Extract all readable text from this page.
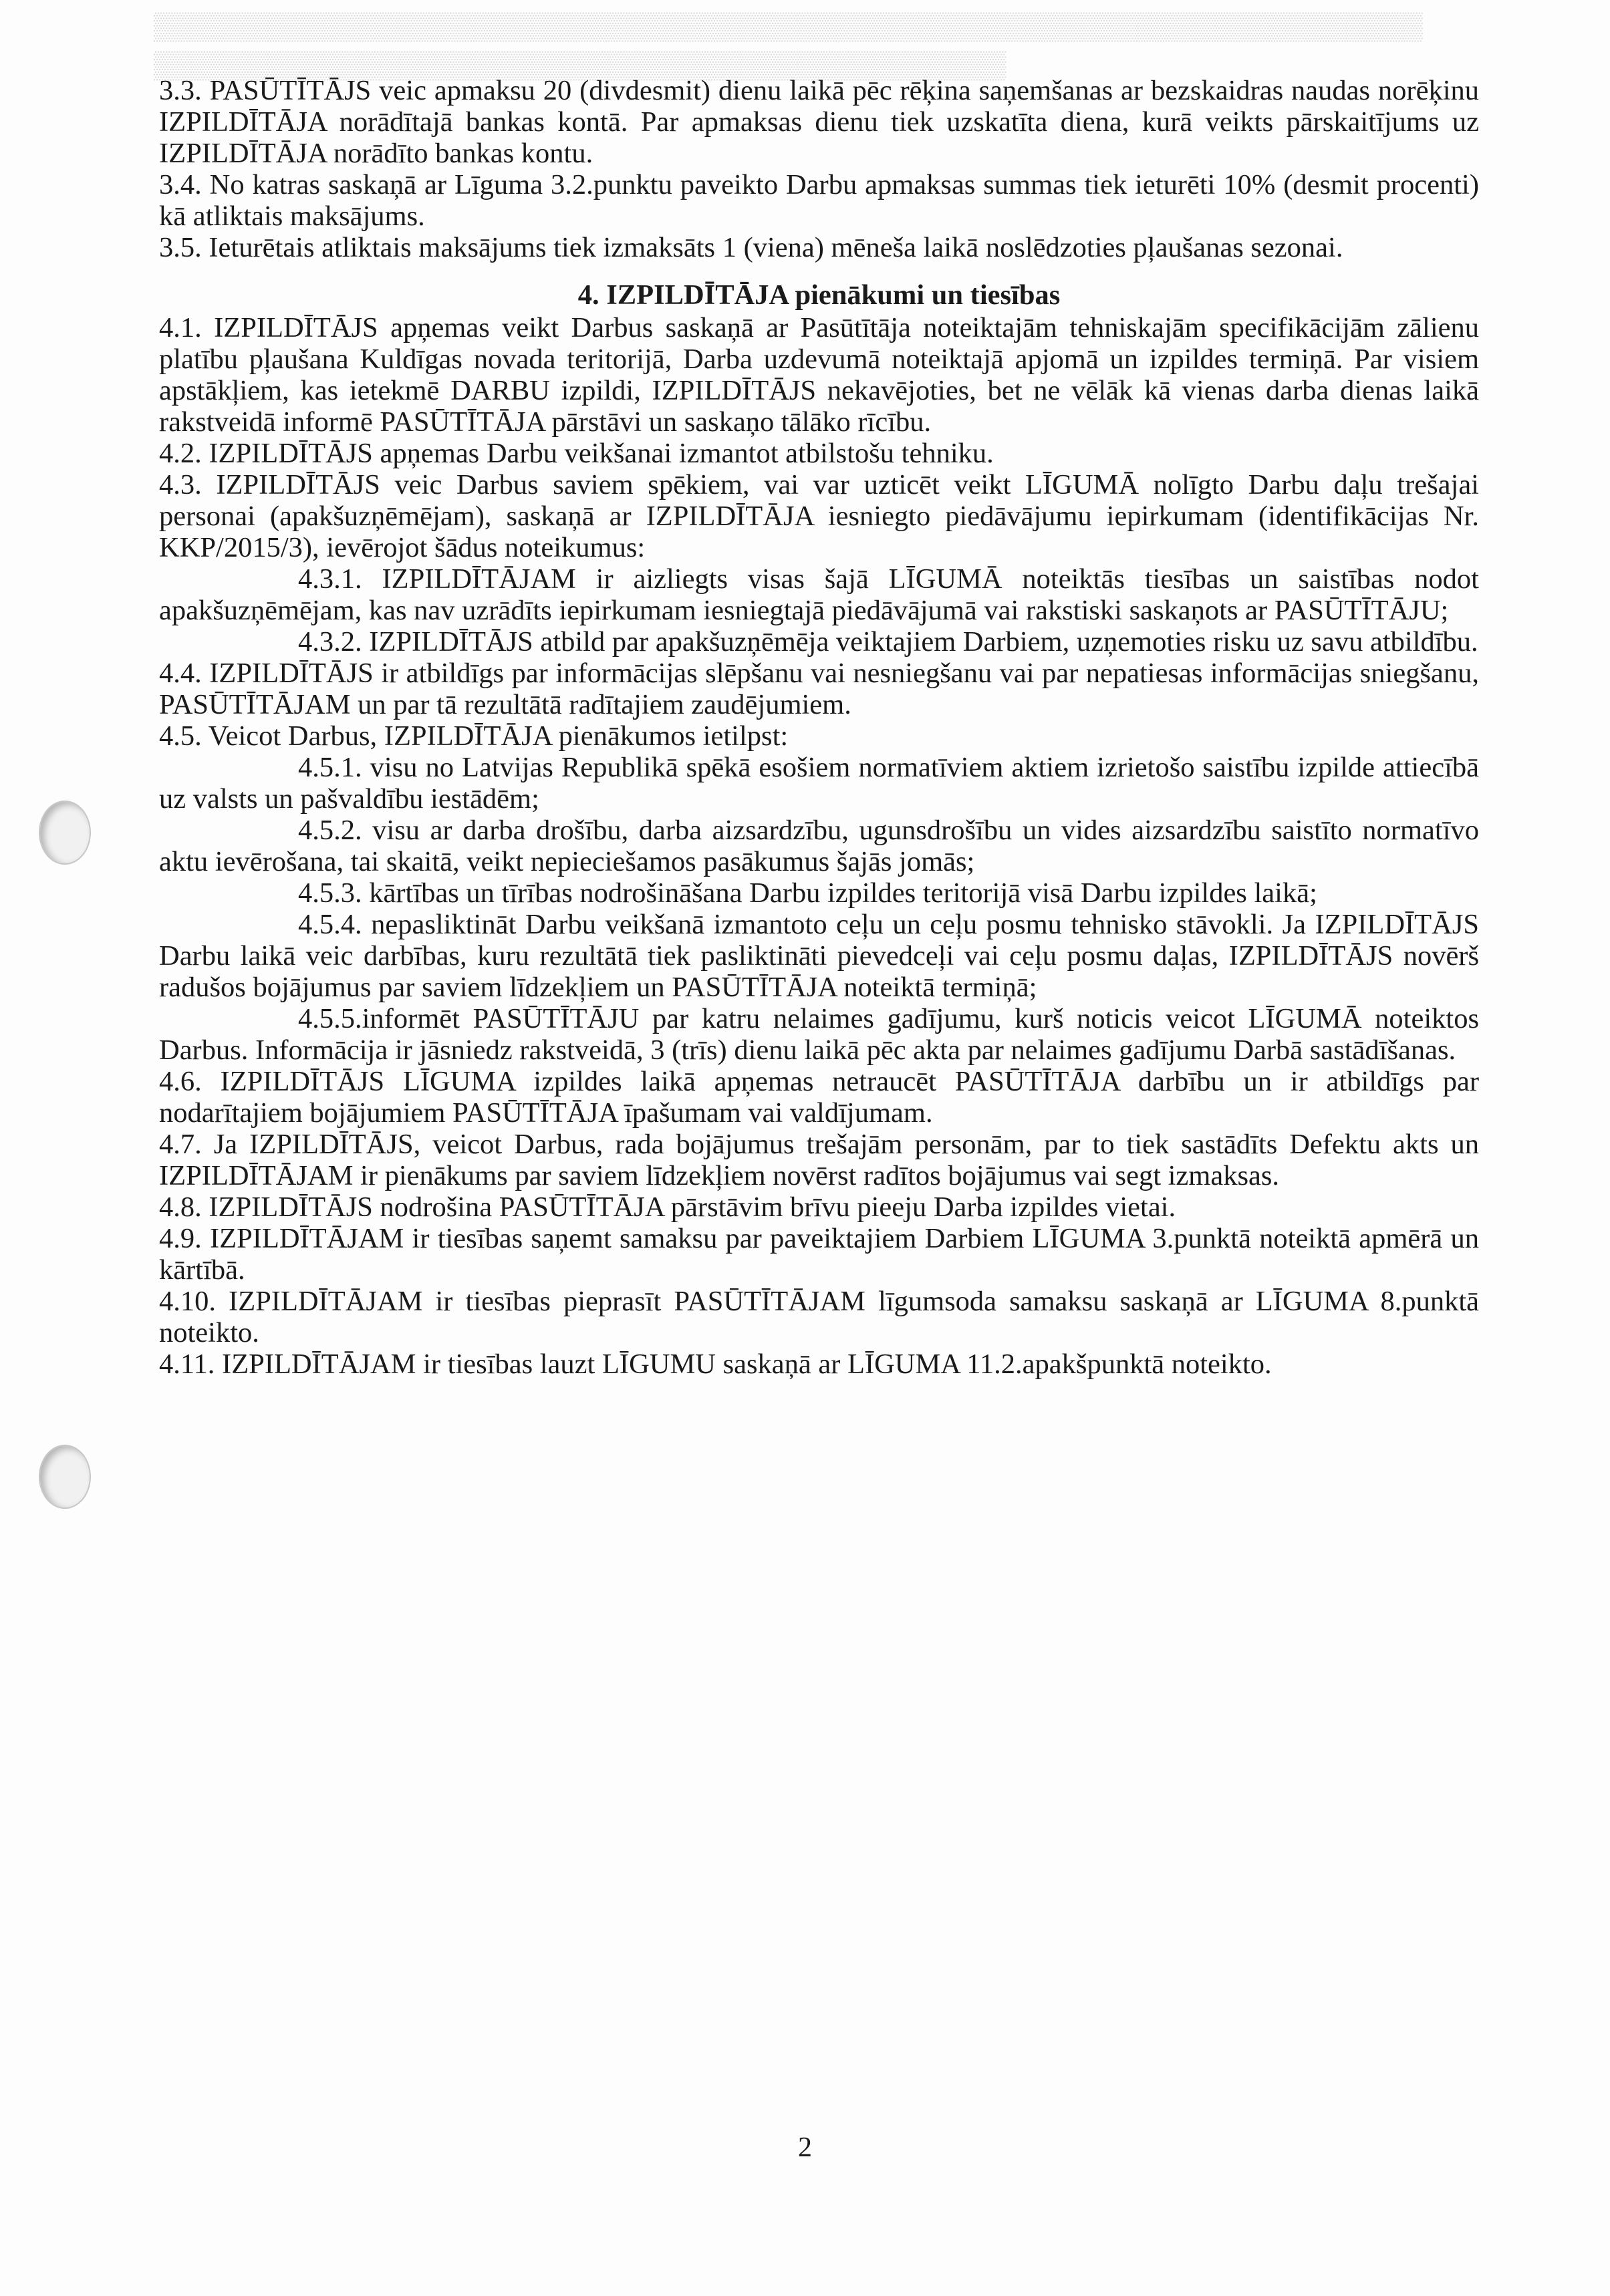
▒▒▒▒▒▒▒▒▒▒▒▒▒▒▒▒▒▒▒▒▒▒▒▒▒▒▒▒▒▒▒▒▒▒▒▒▒▒▒▒▒▒▒▒▒▒▒▒▒▒▒▒▒▒▒▒▒▒▒▒▒▒▒▒▒▒▒
▒▒▒▒▒▒▒▒▒▒▒▒▒▒▒▒▒▒▒▒▒▒▒▒▒▒▒▒▒▒▒▒▒▒▒▒▒▒▒▒▒▒▒▒▒

3.3. PASŪTĪTĀJS veic apmaksu 20 (divdesmit) dienu laikā pēc rēķina saņemšanas ar bezskaidras naudas norēķinu IZPILDĪTĀJA norādītajā bankas kontā. Par apmaksas dienu tiek uzskatīta diena, kurā veikts pārskaitījums uz IZPILDĪTĀJA norādīto bankas kontu.

3.4. No katras saskaņā ar Līguma 3.2.punktu paveikto Darbu apmaksas summas tiek ieturēti 10% (desmit procenti) kā atliktais maksājums.

3.5. Ieturētais atliktais maksājums tiek izmaksāts 1 (viena) mēneša laikā noslēdzoties pļaušanas sezonai.

4. IZPILDĪTĀJA pienākumi un tiesības

4.1. IZPILDĪTĀJS apņemas veikt Darbus saskaņā ar Pasūtītāja noteiktajām tehniskajām specifikācijām zālienu platību pļaušana Kuldīgas novada teritorijā, Darba uzdevumā noteiktajā apjomā un izpildes termiņā. Par visiem apstākļiem, kas ietekmē DARBU izpildi, IZPILDĪTĀJS nekavējoties, bet ne vēlāk kā vienas darba dienas laikā rakstveidā informē PASŪTĪTĀJA pārstāvi un saskaņo tālāko rīcību.

4.2. IZPILDĪTĀJS apņemas Darbu veikšanai izmantot atbilstošu tehniku.

4.3. IZPILDĪTĀJS veic Darbus saviem spēkiem, vai var uzticēt veikt LĪGUMĀ nolīgto Darbu daļu trešajai personai (apakšuzņēmējam), saskaņā ar IZPILDĪTĀJA iesniegto piedāvājumu iepirkumam (identifikācijas Nr. KKP/2015/3), ievērojot šādus noteikumus:

4.3.1. IZPILDĪTĀJAM ir aizliegts visas šajā LĪGUMĀ noteiktās tiesības un saistības nodot apakšuzņēmējam, kas nav uzrādīts iepirkumam iesniegtajā piedāvājumā vai rakstiski saskaņots ar PASŪTĪTĀJU;

4.3.2. IZPILDĪTĀJS atbild par apakšuzņēmēja veiktajiem Darbiem, uzņemoties risku uz savu atbildību.

4.4. IZPILDĪTĀJS ir atbildīgs par informācijas slēpšanu vai nesniegšanu vai par nepatiesas informācijas sniegšanu, PASŪTĪTĀJAM un par tā rezultātā radītajiem zaudējumiem.

4.5. Veicot Darbus, IZPILDĪTĀJA pienākumos ietilpst:

4.5.1. visu no Latvijas Republikā spēkā esošiem normatīviem aktiem izrietošo saistību izpilde attiecībā uz valsts un pašvaldību iestādēm;

4.5.2. visu ar darba drošību, darba aizsardzību, ugunsdrošību un vides aizsardzību saistīto normatīvo aktu ievērošana, tai skaitā, veikt nepieciešamos pasākumus šajās jomās;

4.5.3. kārtības un tīrības nodrošināšana Darbu izpildes teritorijā visā Darbu izpildes laikā;

4.5.4. nepasliktināt Darbu veikšanā izmantoto ceļu un ceļu posmu tehnisko stāvokli. Ja IZPILDĪTĀJS Darbu laikā veic darbības, kuru rezultātā tiek pasliktināti pievedceļi vai ceļu posmu daļas, IZPILDĪTĀJS novērš radušos bojājumus par saviem līdzekļiem un PASŪTĪTĀJA noteiktā termiņā;

4.5.5.informēt PASŪTĪTĀJU par katru nelaimes gadījumu, kurš noticis veicot LĪGUMĀ noteiktos Darbus. Informācija ir jāsniedz rakstveidā, 3 (trīs) dienu laikā pēc akta par nelaimes gadījumu Darbā sastādīšanas.

4.6. IZPILDĪTĀJS LĪGUMA izpildes laikā apņemas netraucēt PASŪTĪTĀJA darbību un ir atbildīgs par nodarītajiem bojājumiem PASŪTĪTĀJA īpašumam vai valdījumam.

4.7. Ja IZPILDĪTĀJS, veicot Darbus, rada bojājumus trešajām personām, par to tiek sastādīts Defektu akts un IZPILDĪTĀJAM ir pienākums par saviem līdzekļiem novērst radītos bojājumus vai segt izmaksas.

4.8. IZPILDĪTĀJS nodrošina PASŪTĪTĀJA pārstāvim brīvu pieeju Darba izpildes vietai.

4.9. IZPILDĪTĀJAM ir tiesības saņemt samaksu par paveiktajiem Darbiem LĪGUMA 3.punktā noteiktā apmērā un kārtībā.

4.10. IZPILDĪTĀJAM ir tiesības pieprasīt PASŪTĪTĀJAM līgumsoda samaksu saskaņā ar LĪGUMA 8.punktā noteikto.

4.11. IZPILDĪTĀJAM ir tiesības lauzt LĪGUMU saskaņā ar LĪGUMA 11.2.apakšpunktā noteikto.

2
